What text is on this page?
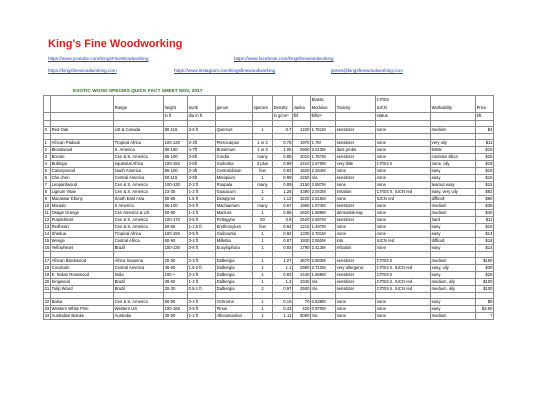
King's Fine Woodworking
https://www.youtube.com/KingsFineWoodworking	https://www.facebook.com/kingsfinewoodworking
https://kingsfinewoodworking.com	https://www.instagram.com/kingsfinewoodworking	james@kingsfinewoodworking.com
EXOTIC WOOD SPECIES QUICK FACT SHEET NOV, 2017
									Elastic		CITES		
		Range	height	trunk	genus	species	Density	Janka	Modulus	Toxicity	IUCN	Workability	Price
			in ft	dia in ft.			in g/cm³	lbf	lbf/in²		status		bft

0	Red Oak	US & Canada	80-115	3-6 ft	Quercus	1	0.7	1220	1.761M	sensitizer	none	medium	$4

1	African Padauk	Tropical Africa	100-130	2-4ft	Pterocarpus	1 or 2	0.75	1970	1.7M	sensitizer	none	very oily	$11
2	Bloodwood	S. America	80-150	4-7ft	Brosimum	1 or 2	1.05	2900	3.013M	dust probs	none	brittle	$15
3	Bocote	Cen & S. America	65-100	3-5ft	Cordia	many	0.85	2010	1.767M	sensitizer	none	contains silica	$25
4	Bubinga	equitorial Africa	100-150	3-6ft	Guibortia	3 plus	0.89	2410	2.670M	very little	CITES II	none, oily	$18
5	Canarywood	south America	65-100	2-3ft	Centrolobium	few	0.83	1520	2.164M	none	none	easy	$15
6	Che chen	Central America	50-115	3-5ft	Metopium	1	0.99	2250	n/a	sensitizer	none	easy	$15
7	Leopardwood	Cen & S. America	100-130	2-3 ft	Roupala	many	0.89	2150	2.887M	none	none	tearout easy	$15
8	Lignum Vitae	Cen & S. America	23-30	1-2 ft	Guaiacum	1	1.26	4390	2.043M	irritation	CITES II, IUCN red	easy, very oily	$82
9	Macassar Ebony	South East Asia	50-65	1.5 ft	Diospyros	1	1.12	3220	2.515M	none	IUCN red	difficult	$80
10	Morado	S America	65-100	3-5 ft	Machaerium	many	0.87	1960	1.574M	sensitizer	none	medium	$38
11	Osage Orange	Cen America & US	50-60	1-2 ft	Maclura	1	0.86	2620	1.689M	dermatitis-sap	none	medium	$40
12	Purpleheart	Cen & S. America	100-170	3-5 ft	Peltogyne	20	0.9	2520	2.937M	sensitizer	none	hard	$11
13	Redheart	Cen & S. America	50-65	1-1.5 ft	Erythroxylum	few	0.64	1210	1.497M	none	none	easy	$15
14	Shedua	Tropical Africa	100-150	3-5 ft	Guibourtia	1	0.82	1330	2.701M	none	none	easy	$14
15	Wenge	Central Africa	60-90	3-4 ft	Millettia	1	0.87	1930	2.550M	lots	IUCN red	difficult	$18
16	Yellowheart	Brazil	100-130	3-6 ft	Euxylophora	1	0.83	1790	2.413M	irritation	none	easy	$14

17	African Blackwood	Africa Savanna	20-30	2-3 ft	Dalbergia	1	1.27	3670	2.603M	sensitizer	CITES II	medium	$150
18	Cocobolo	Central America	45-60	1.5-2 ft	Dalbergia	1	1.1	2960	2.712M	very allergenic	CITES II, IUCN red	easy, oily	$30
19	E. Indian Rosewood	India	100 +	2-4 ft	Dalbergia	1	0.83	2440	1.668M	sensitizer	CITES II	easy	$25
20	Kingwood	Brazil	30-60	1-2 ft	Dalbergia	1	1.2	3340	n/a	sensitizer	CITES II, IUCN red	medium, oily	$100
21	Tulip Wood	Brazil	20-30	0.5-1 ft	Dalbergia	2	0.97	2500	n/a	sensitizer	CITES II, IUCN red	medium, oily	$100

22	Balsa	Cen & S. America	60-90	3-4 ft	Ochroma	1	0.15	70	0.538M	none	none	easy	$9
23	Western White Pine	Western US	100-165	3-5 ft	Pinus	1	0.43	420	0.970M	none	none	easy	$3.50
24	Australian Buloke	Australia	30-50	1-2 ft	Allocasuarina	1	1.11	5060	n/a	none	none	medium	?
